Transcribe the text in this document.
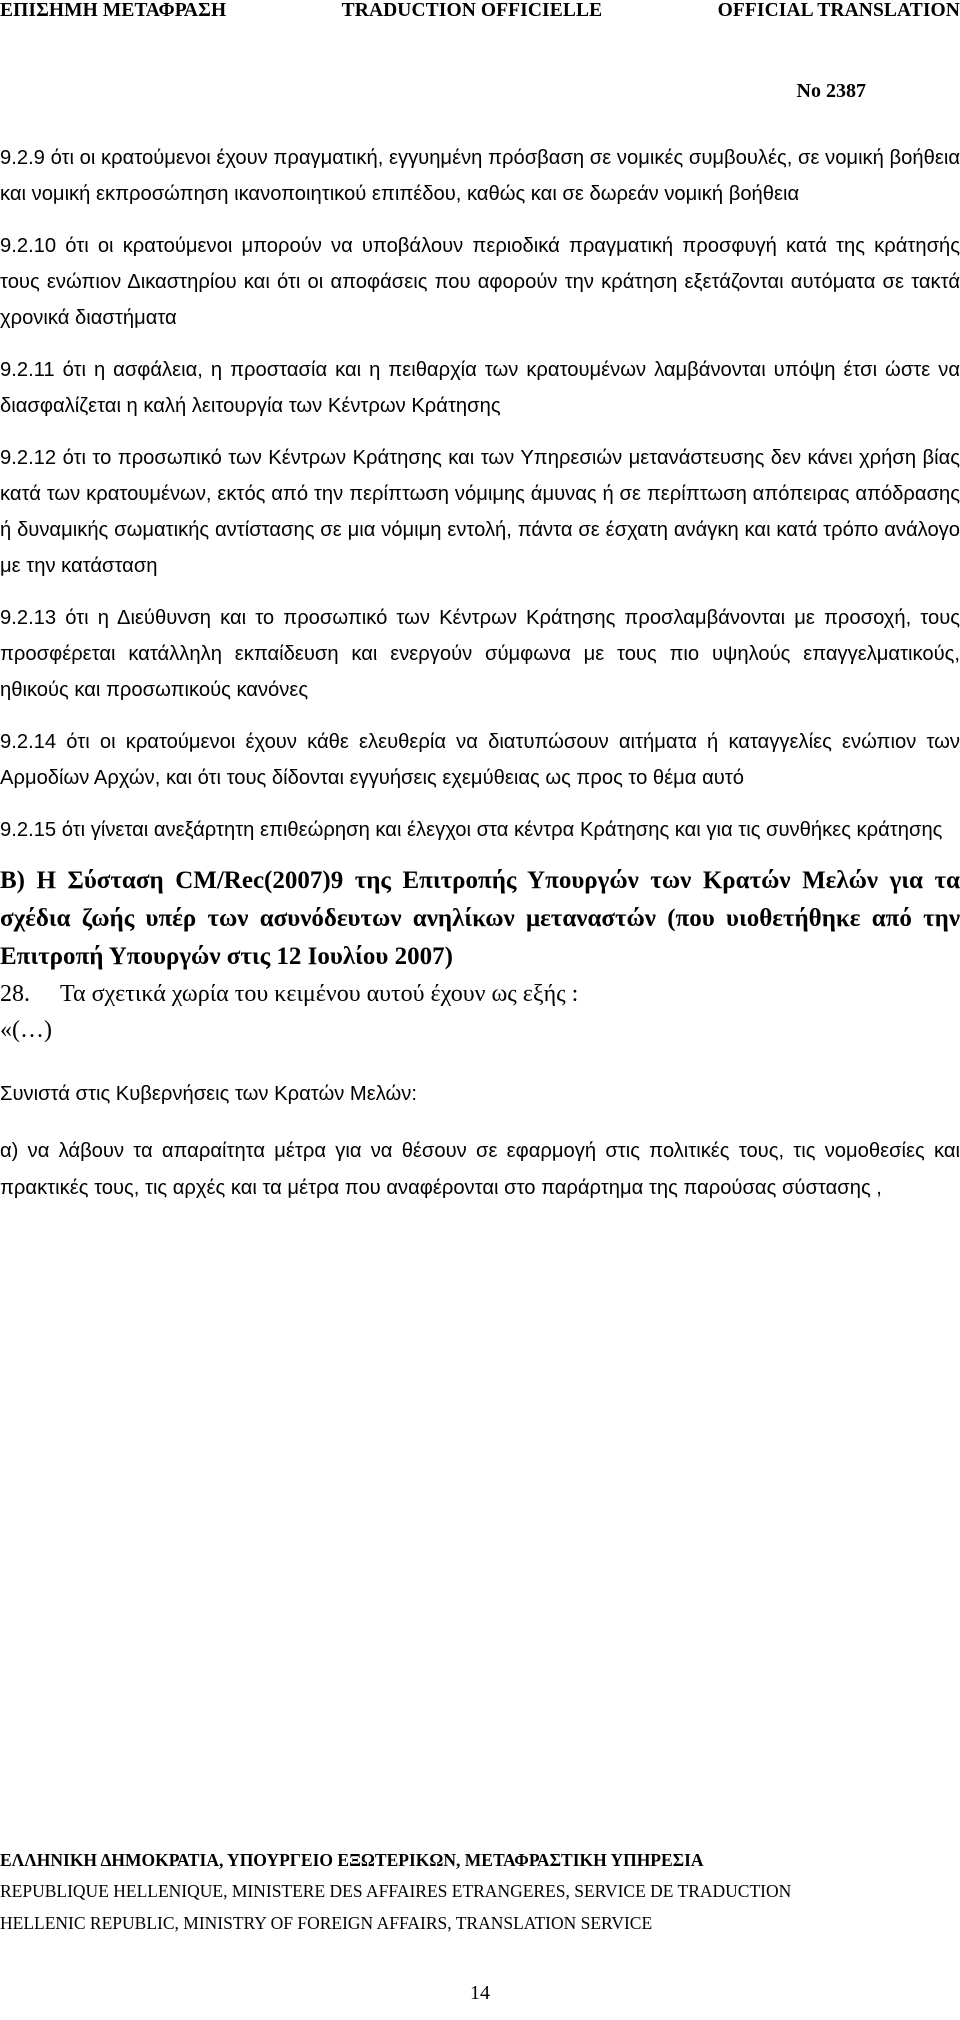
ΕΠΙΣΗΜΗ ΜΕΤΑΦΡΑΣΗ	TRADUCTION OFFICIELLE	OFFICIAL TRANSLATION
No 2387

9.2.9 ότι οι κρατούμενοι έχουν πραγματική, εγγυημένη πρόσβαση σε νομικές συμβουλές, σε νομική βοήθεια και νομική εκπροσώπηση ικανοποιητικού επιπέδου, καθώς και σε δωρεάν νομική βοήθεια

9.2.10 ότι οι κρατούμενοι μπορούν να υποβάλουν περιοδικά πραγματική προσφυγή κατά της κράτησής τους ενώπιον Δικαστηρίου και ότι οι αποφάσεις που αφορούν την κράτηση εξετάζονται αυτόματα σε τακτά χρονικά διαστήματα

9.2.11 ότι η ασφάλεια, η προστασία και η πειθαρχία των κρατουμένων λαμβάνονται υπόψη έτσι ώστε να διασφαλίζεται η καλή λειτουργία των Κέντρων Κράτησης

9.2.12 ότι το προσωπικό των Κέντρων Κράτησης και των Υπηρεσιών μετανάστευσης δεν κάνει χρήση βίας κατά των κρατουμένων, εκτός από την περίπτωση νόμιμης άμυνας ή σε περίπτωση απόπειρας απόδρασης ή δυναμικής σωματικής αντίστασης σε μια νόμιμη εντολή, πάντα σε έσχατη ανάγκη και κατά τρόπο ανάλογο με την κατάσταση

9.2.13 ότι η Διεύθυνση και το προσωπικό των Κέντρων Κράτησης προσλαμβάνονται με προσοχή, τους προσφέρεται κατάλληλη εκπαίδευση και ενεργούν σύμφωνα με τους πιο υψηλούς επαγγελματικούς, ηθικούς και προσωπικούς κανόνες

9.2.14 ότι οι κρατούμενοι έχουν κάθε ελευθερία να διατυπώσουν αιτήματα ή καταγγελίες ενώπιον των Αρμοδίων Αρχών, και ότι τους δίδονται εγγυήσεις εχεμύθειας ως προς το θέμα αυτό

9.2.15 ότι γίνεται ανεξάρτητη επιθεώρηση και έλεγχοι στα κέντρα Κράτησης και για τις συνθήκες κράτησης

Β) Η Σύσταση CM/Rec(2007)9 της Επιτροπής Υπουργών των Κρατών Μελών για τα σχέδια ζωής υπέρ των ασυνόδευτων ανηλίκων μεταναστών (που υιοθετήθηκε από την Επιτροπή Υπουργών στις 12 Ιουλίου 2007)

28. Τα σχετικά χωρία του κειμένου αυτού έχουν ως εξής :

«(…)

Συνιστά στις Κυβερνήσεις των Κρατών Μελών:

α) να λάβουν τα απαραίτητα μέτρα για να θέσουν σε εφαρμογή στις πολιτικές τους, τις νομοθεσίες και πρακτικές τους, τις αρχές και τα μέτρα που αναφέρονται στο παράρτημα της παρούσας σύστασης ,

ΕΛΛΗΝΙΚΗ ΔΗΜΟΚΡΑΤΙΑ, ΥΠΟΥΡΓΕΙΟ ΕΞΩΤΕΡΙΚΩΝ, ΜΕΤΑΦΡΑΣΤΙΚΗ ΥΠΗΡΕΣΙΑ
REPUBLIQUE HELLENIQUE, MINISTERE DES AFFAIRES ETRANGERES, SERVICE DE TRADUCTION
HELLENIC REPUBLIC, MINISTRY OF FOREIGN AFFAIRS, TRANSLATION SERVICE
14
